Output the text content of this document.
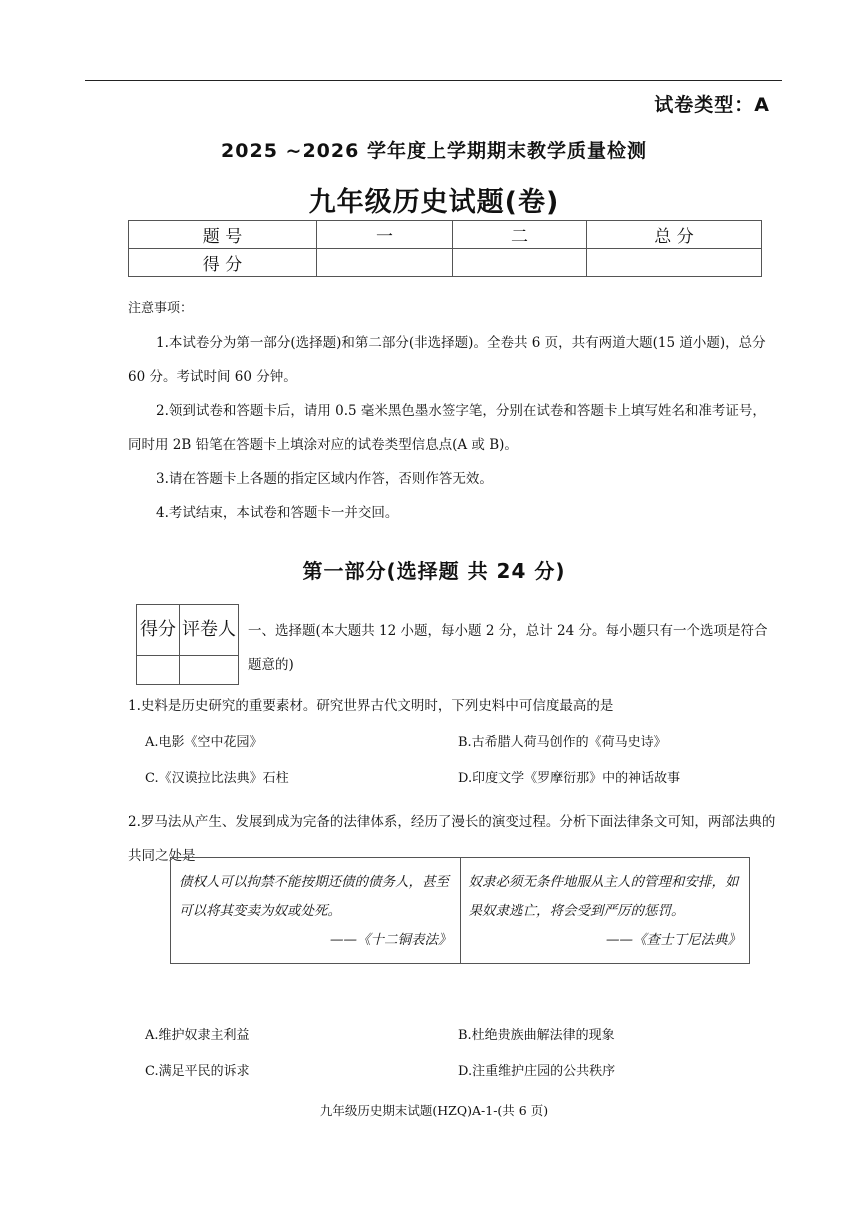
试卷类型：A
2025 ~2026 学年度上学期期末教学质量检测
九年级历史试题(卷)
题 号	一	二	总 分
得 分			
注意事项：

1.本试卷分为第一部分(选择题)和第二部分(非选择题)。全卷共 6 页，共有两道大题(15 道小题)，总分 60 分。考试时间 60 分钟。

2.领到试卷和答题卡后，请用 0.5 毫米黑色墨水签字笔，分别在试卷和答题卡上填写姓名和准考证号，同时用 2B 铅笔在答题卡上填涂对应的试卷类型信息点(A 或 B)。

3.请在答题卡上各题的指定区域内作答，否则作答无效。

4.考试结束，本试卷和答题卡一并交回。

第一部分(选择题 共 24 分)
得分	评卷人
	一、选择题(本大题共 12 小题，每小题 2 分，总计 24 分。每小题只有一个选项是符合题意的)
1.史料是历史研究的重要素材。研究世界古代文明时，下列史料中可信度最高的是
A.电影《空中花园》	B.古希腊人荷马创作的《荷马史诗》
C.《汉谟拉比法典》石柱	D.印度文学《罗摩衍那》中的神话故事
2.罗马法从产生、发展到成为完备的法律体系，经历了漫长的演变过程。分析下面法律条文可知，两部法典的共同之处是
债权人可以拘禁不能按期还债的债务人，甚至可以将其变卖为奴或处死。
——《十二铜表法》

奴隶必须无条件地服从主人的管理和安排，如果奴隶逃亡，将会受到严厉的惩罚。
——《查士丁尼法典》
A.维护奴隶主利益	B.杜绝贵族曲解法律的现象
C.满足平民的诉求	D.注重维护庄园的公共秩序
九年级历史期末试题(HZQ)A-1-(共 6 页)
